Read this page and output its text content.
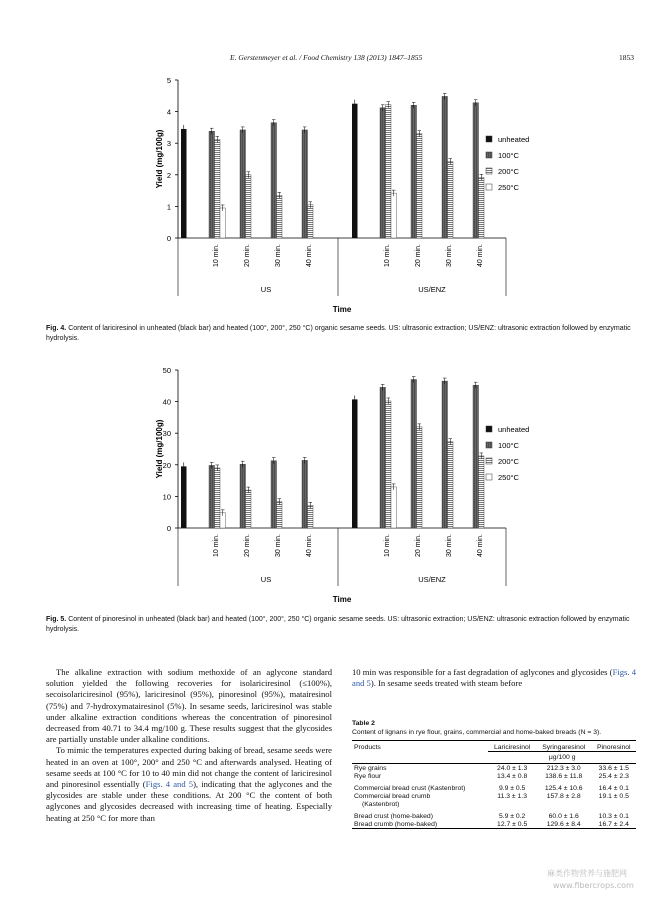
E. Gerstenmeyer et al. / Food Chemistry 138 (2013) 1847–1855	1853
0
1
2
3
4
5
Yield (mg/100g)
10 min.	20 min.	30 min.	40 min.
US
10 min.	20 min.	30 min.	40 min.
US/ENZ
Time
unheated
100°C
200°C
250°C
Fig. 4. Content of lariciresinol in unheated (black bar) and heated (100°, 200°, 250 °C) organic sesame seeds. US: ultrasonic extraction; US/ENZ: ultrasonic extraction followed by enzymatic hydrolysis.
0
10
20
30
40
50
Yield (mg/100g)
10 min.	20 min.	30 min.	40 min.
US
10 min.	20 min.	30 min.	40 min.
US/ENZ
Time
unheated
100°C
200°C
250°C
Fig. 5. Content of pinoresinol in unheated (black bar) and heated (100°, 200°, 250 °C) organic sesame seeds. US: ultrasonic extraction; US/ENZ: ultrasonic extraction followed by enzymatic hydrolysis.

The alkaline extraction with sodium methoxide of an aglycone standard solution yielded the following recoveries for isolariciresinol (≤100%), secoisolariciresinol (95%), lariciresinol (95%), pinoresinol (95%), matairesinol (75%) and 7-hydroxymatairesinol (5%). In sesame seeds, lariciresinol was stable under alkaline extraction conditions whereas the concentration of pinoresinol decreased from 40.71 to 34.4 mg/100 g. These results suggest that the glycosides are partially unstable under alkaline conditions.

To mimic the temperatures expected during baking of bread, sesame seeds were heated in an oven at 100°, 200° and 250 °C and afterwards analysed. Heating of sesame seeds at 100 °C for 10 to 40 min did not change the content of lariciresinol and pinoresinol essentially (Figs. 4 and 5), indicating that the aglycones and the glycosides are stable under these conditions. At 200 °C the content of both aglycones and glycosides decreased with increasing time of heating. Especially heating at 250 °C for more than

10 min was responsible for a fast degradation of aglycones and glycosides (Figs. 4 and 5). In sesame seeds treated with steam before
Table 2
Content of lignans in rye flour, grains, commercial and home-baked breads (N = 3).
Products	Lariciresinol	Syringaresinol	Pinoresinol
	μg/100 g		
Rye grains	24.0 ± 1.3	212.3 ± 3.0	33.6 ± 1.5
Rye flour	13.4 ± 0.8	138.6 ± 11.8	25.4 ± 2.3
Commercial bread crust (Kastenbrot)	9.9 ± 0.5	125.4 ± 10.6	16.4 ± 0.1
Commercial bread crumb	11.3 ± 1.3	157.8 ± 2.8	19.1 ± 0.5
(Kastenbrot)			
Bread crust (home-baked)	5.9 ± 0.2	60.0 ± 1.6	10.3 ± 0.1
Bread crumb (home-baked)	12.7 ± 0.5	129.6 ± 8.4	16.7 ± 2.4
麻类作物营养与施肥网
www.fibercrops.com
